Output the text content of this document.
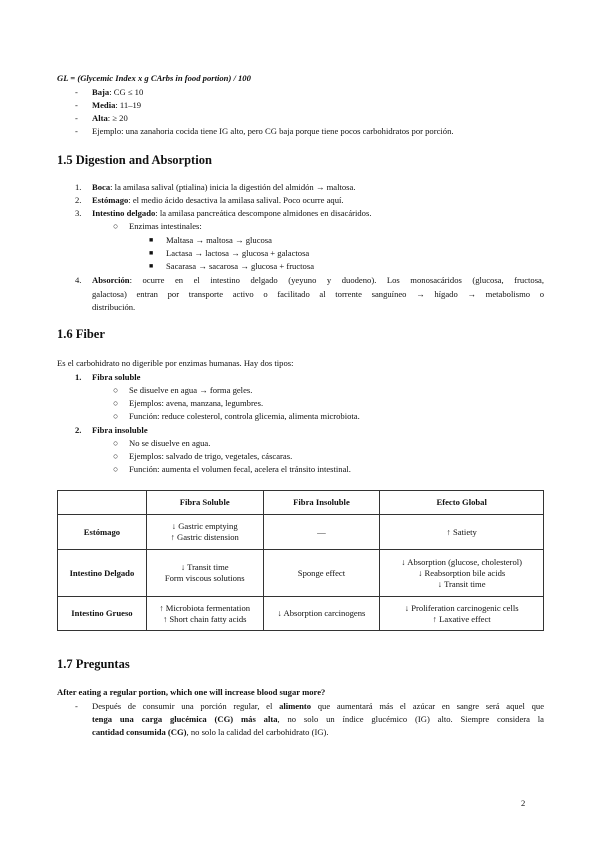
GL = (Glycemic Index x g CArbs in food portion) / 100
- Baja: CG ≤ 10
- Media: 11–19
- Alta: ≥ 20
- Ejemplo: una zanahoria cocida tiene IG alto, pero CG baja porque tiene pocos carbohidratos por porción.
1.5 Digestion and Absorption
1. Boca: la amilasa salival (ptialina) inicia la digestión del almidón → maltosa.
2. Estómago: el medio ácido desactiva la amilasa salival. Poco ocurre aquí.
3. Intestino delgado: la amilasa pancreática descompone almidones en disacáridos.
○ Enzimas intestinales:
■ Maltasa → maltosa → glucosa
■ Lactasa → lactosa → glucosa + galactosa
■ Sacarasa → sacarosa → glucosa + fructosa
4. Absorción: ocurre en el intestino delgado (yeyuno y duodeno). Los monosacáridos (glucosa, fructosa,
galactosa) entran por transporte activo o facilitado al torrente sanguíneo → hígado → metabolismo o
distribución.
1.6 Fiber
Es el carbohidrato no digerible por enzimas humanas. Hay dos tipos:
1. Fibra soluble
○ Se disuelve en agua → forma geles.
○ Ejemplos: avena, manzana, legumbres.
○ Función: reduce colesterol, controla glicemia, alimenta microbiota.
2. Fibra insoluble
○ No se disuelve en agua.
○ Ejemplos: salvado de trigo, vegetales, cáscaras.
○ Función: aumenta el volumen fecal, acelera el tránsito intestinal.
	Fibra Soluble	Fibra Insoluble	Efecto Global
Estómago	↓ Gastric emptying
↑ Gastric distension	—	↑ Satiety

Intestino Delgado	↓ Transit time
Form viscous solutions	Sponge effect	↓ Absorption (glucose, cholesterol)
↓ Reabsorption bile acids
↓ Transit time

Intestino Grueso	↑ Microbiota fermentation
↑ Short chain fatty acids	↓ Absorption carcinogens	↓ Proliferation carcinogenic cells
↑ Laxative effect
1.7 Preguntas
After eating a regular portion, which one will increase blood sugar more?
- Después de consumir una porción regular, el alimento que aumentará más el azúcar en sangre será aquel que
tenga una carga glucémica (CG) más alta, no solo un índice glucémico (IG) alto. Siempre considera la
cantidad consumida (CG), no solo la calidad del carbohidrato (IG).
2
